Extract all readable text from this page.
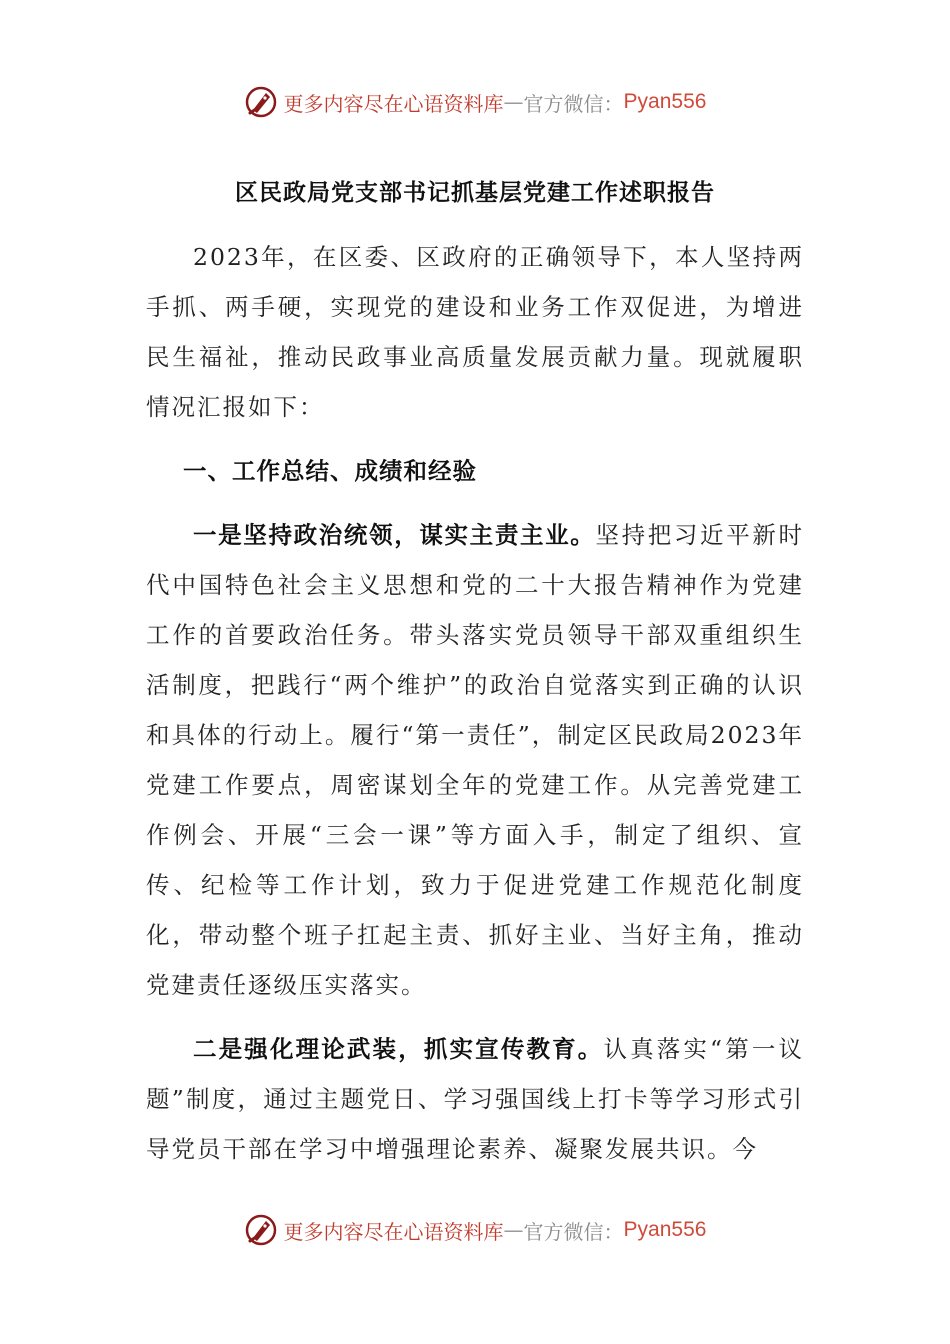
更多内容尽在心语资料库 — 官方微信： Pyan556
区民政局党支部书记抓基层党建工作述职报告

2023年，在区委、区政府的正确领导下，本人坚持两手抓、两手硬，实现党的建设和业务工作双促进，为增进民生福祉，推动民政事业高质量发展贡献力量。现就履职情况汇报如下：

一、工作总结、成绩和经验

一是坚持政治统领，谋实主责主业。坚持把习近平新时代中国特色社会主义思想和党的二十大报告精神作为党建工作的首要政治任务。带头落实党员领导干部双重组织生活制度，把践行“两个维护”的政治自觉落实到正确的认识和具体的行动上。履行“第一责任”，制定区民政局2023年党建工作要点，周密谋划全年的党建工作。从完善党建工作例会、开展“三会一课”等方面入手，制定了组织、宣传、纪检等工作计划，致力于促进党建工作规范化制度化，带动整个班子扛起主责、抓好主业、当好主角，推动党建责任逐级压实落实。

二是强化理论武装，抓实宣传教育。认真落实“第一议题”制度，通过主题党日、学习强国线上打卡等学习形式引导党员干部在学习中增强理论素养、凝聚发展共识。今

更多内容尽在心语资料库 — 官方微信： Pyan556
